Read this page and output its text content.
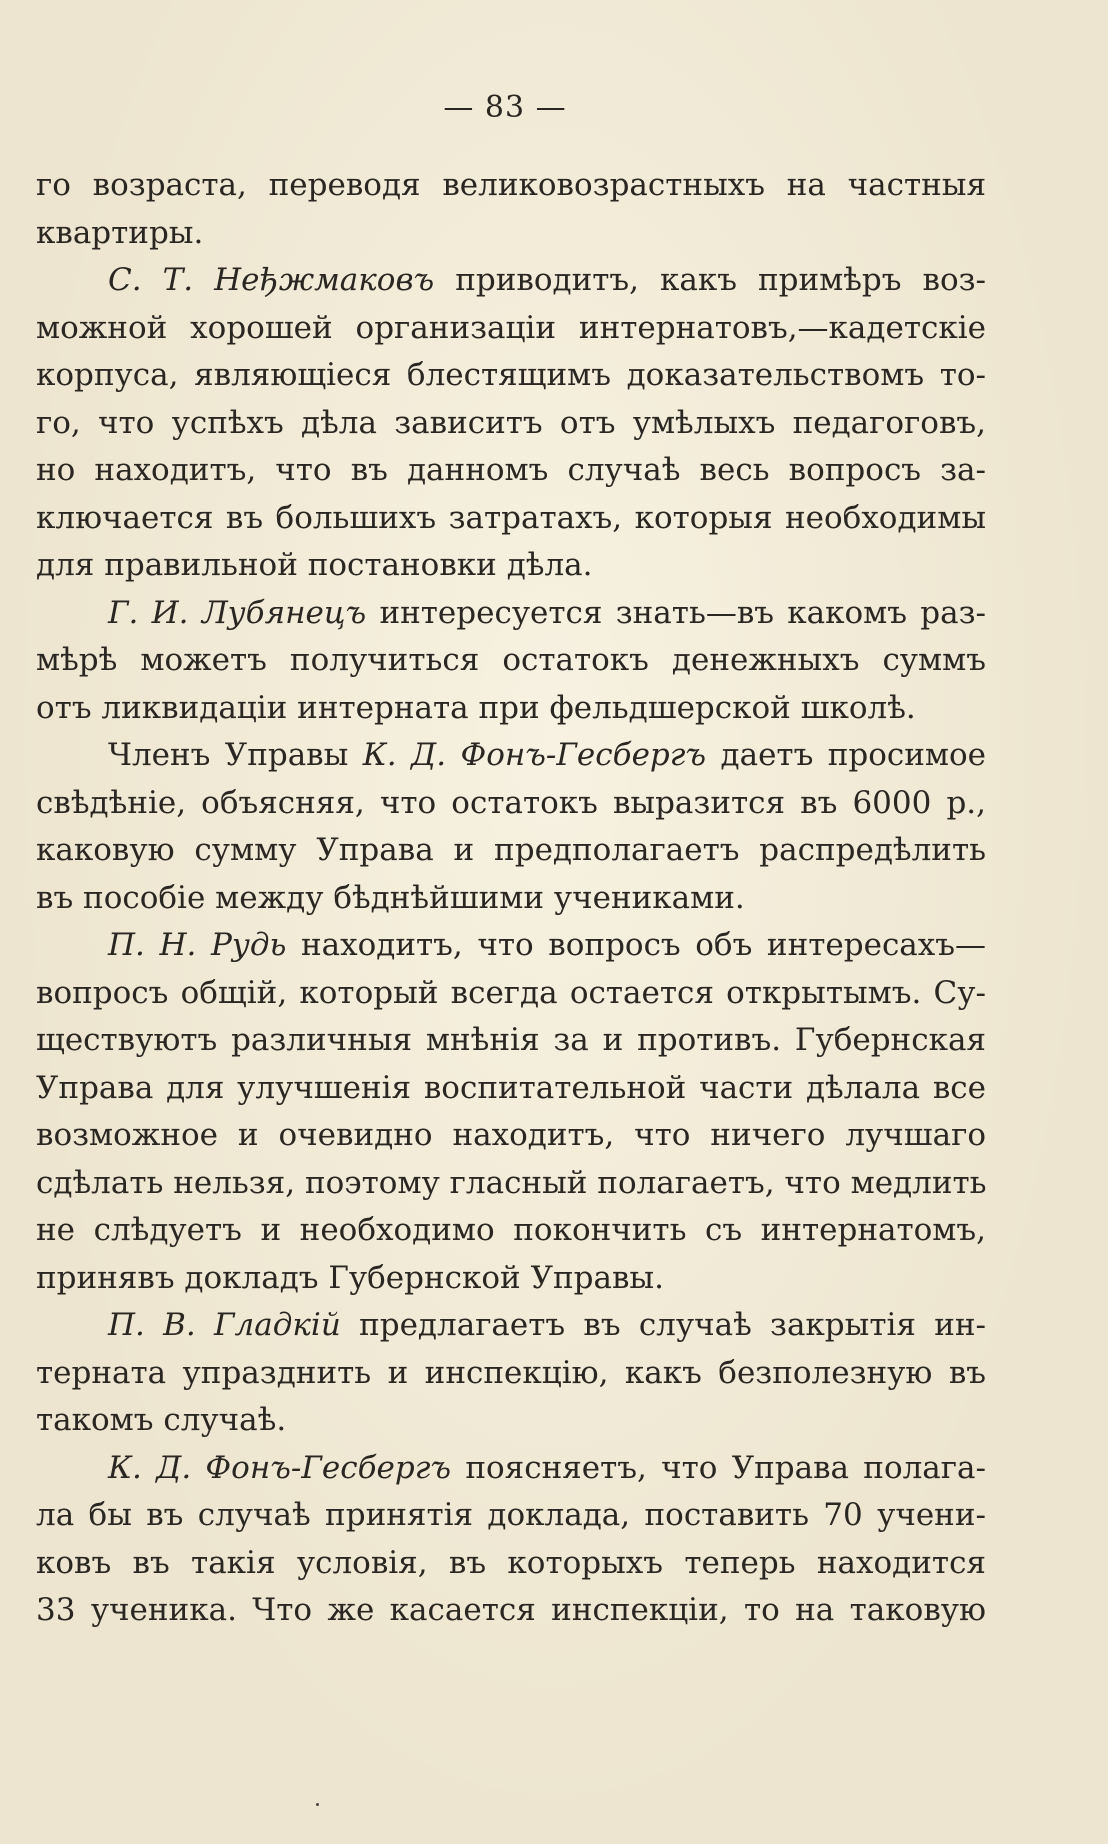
— 83 —
го возраста, переводя великовозрастныхъ на частныя
квартиры.
С. Т. Неђжмаковъ приводитъ, какъ примѣръ воз-
можной хорошей организаціи интернатовъ,—кадетскіе
корпуса, являющіеся блестящимъ доказательствомъ то-
го, что успѣхъ дѣла зависитъ отъ умѣлыхъ педагоговъ,
но находитъ, что въ данномъ случаѣ весь вопросъ за-
ключается въ большихъ затратахъ, которыя необходимы
для правильной постановки дѣла.
Г. И. Лубянецъ интересуется знать—въ какомъ раз-
мѣрѣ можетъ получиться остатокъ денежныхъ суммъ
отъ ликвидаціи интерната при фельдшерской школѣ.
Членъ Управы К. Д. Фонъ-Гесбергъ даетъ просимое
свѣдѣніе, объясняя, что остатокъ выразится въ 6000 р.,
каковую сумму Управа и предполагаетъ распредѣлить
въ пособіе между бѣднѣйшими учениками.
П. Н. Рудь находитъ, что вопросъ объ интересахъ—
вопросъ общій, который всегда остается открытымъ. Су-
ществуютъ различныя мнѣнія за и противъ. Губернская
Управа для улучшенія воспитательной части дѣлала все
возможное и очевидно находитъ, что ничего лучшаго
сдѣлать нельзя, поэтому гласный полагаетъ, что медлить
не слѣдуетъ и необходимо покончить съ интернатомъ,
принявъ докладъ Губернской Управы.
П. В. Гладкій предлагаетъ въ случаѣ закрытія ин-
терната упразднить и инспекцію, какъ безполезную въ
такомъ случаѣ.
К. Д. Фонъ-Гесбергъ поясняетъ, что Управа полага-
ла бы въ случаѣ принятія доклада, поставить 70 учени-
ковъ въ такія условія, въ которыхъ теперь находится
33 ученика. Что же касается инспекціи, то на таковую
